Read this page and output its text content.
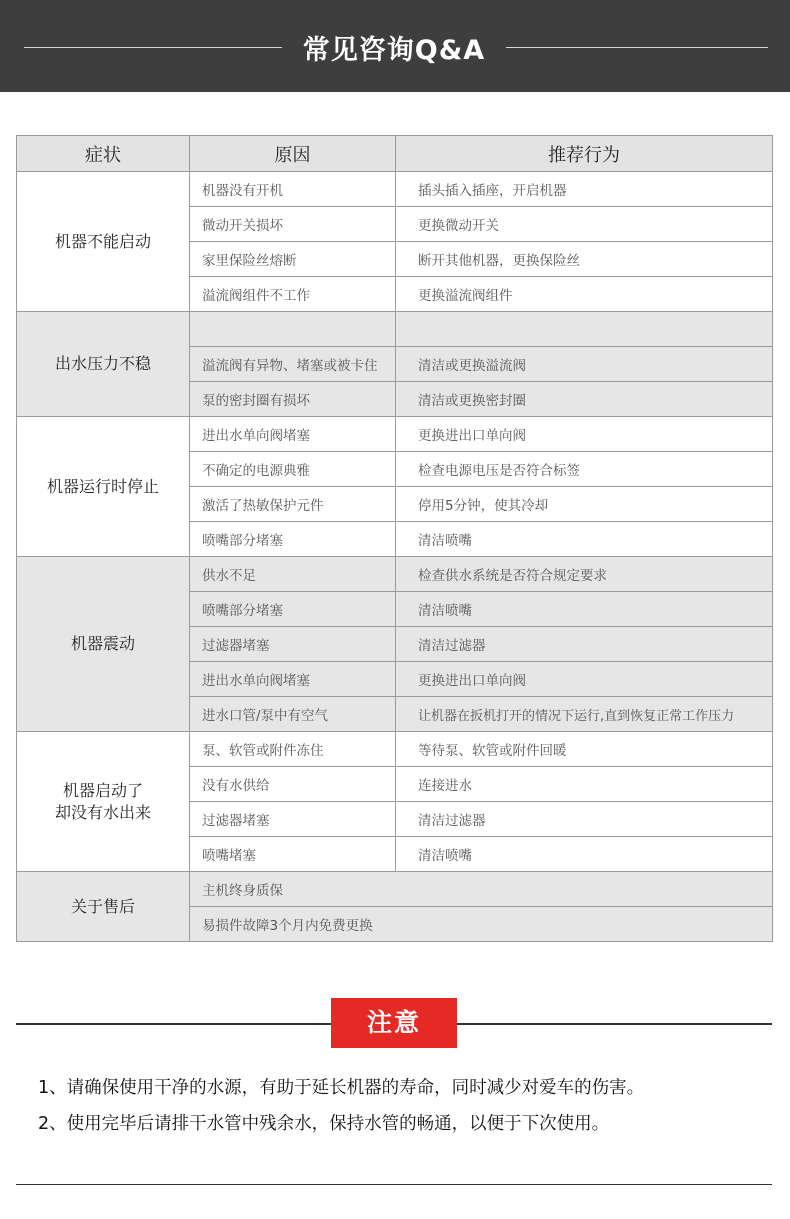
常见咨询Q&A
症状	原因	推荐行为
机器不能启动	机器没有开机	插头插入插座，开启机器
	微动开关损坏	更换微动开关
	家里保险丝熔断	断开其他机器，更换保险丝
	溢流阀组件不工作	更换溢流阀组件
出水压力不稳		
	溢流阀有异物、堵塞或被卡住	清洁或更换溢流阀
	泵的密封圈有损坏	清洁或更换密封圈
机器运行时停止	进出水单向阀堵塞	更换进出口单向阀
	不确定的电源典雅	检查电源电压是否符合标签
	激活了热敏保护元件	停用5分钟，使其冷却
	喷嘴部分堵塞	清洁喷嘴
机器震动	供水不足	检查供水系统是否符合规定要求
	喷嘴部分堵塞	清洁喷嘴
	过滤器堵塞	清洁过滤器
	进出水单向阀堵塞	更换进出口单向阀
	进水口管/泵中有空气	让机器在扳机打开的情况下运行,直到恢复正常工作压力

机器启动了
却没有水出来	泵、软管或附件冻住	等待泵、软管或附件回暖
	没有水供给	连接进水
	过滤器堵塞	清洁过滤器
	喷嘴堵塞	清洁喷嘴
关于售后	主机终身质保	
	易损件故障3个月内免费更换	
注意
1、请确保使用干净的水源，有助于延长机器的寿命，同时减少对爱车的伤害。
2、使用完毕后请排干水管中残余水，保持水管的畅通，以便于下次使用。
